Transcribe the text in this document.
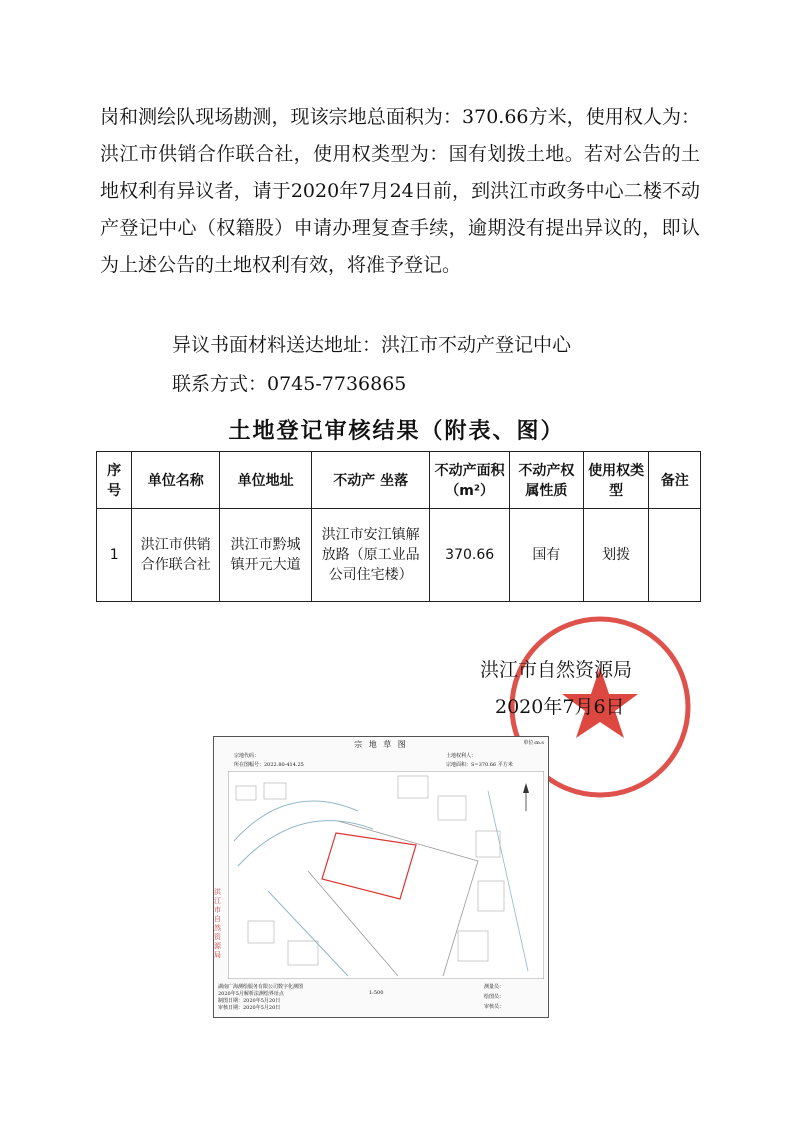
岗和测绘队现场勘测，现该宗地总面积为：370.66方米，使用权人为：洪江市供销合作联合社，使用权类型为：国有划拨土地。若对公告的土地权利有异议者，请于2020年7月24日前，到洪江市政务中心二楼不动产登记中心（权籍股）申请办理复查手续，逾期没有提出异议的，即认为上述公告的土地权利有效，将准予登记。

异议书面材料送达地址：洪江市不动产登记中心
联系方式：0745-7736865
土地登记审核结果（附表、图）
序号	单位名称	单位地址	不动产 坐落	不动产面积（m²）	不动产权属性质	使用权类型	备注
1	洪江市供销合作联合社	洪江市黔城镇开元大道	洪江市安江镇解放路（原工业品公司住宅楼）	370.66	国有	划拨	
洪江市自然资源局
2020年7月6日
宗 地 草 图	单位:m.s
宗地代码：
所在图幅号：2022.80-414.25
土地权利人：
宗地面积：S=370.66 平方米
湖南广海测绘服务有限公司数字化测图
2020年5月解析法测绘界址点
制图日期：2020年5月20日
审核日期：2020年5月20日
1:500
测量员：
绘图员：
审核员：
洪江市自然资源局
